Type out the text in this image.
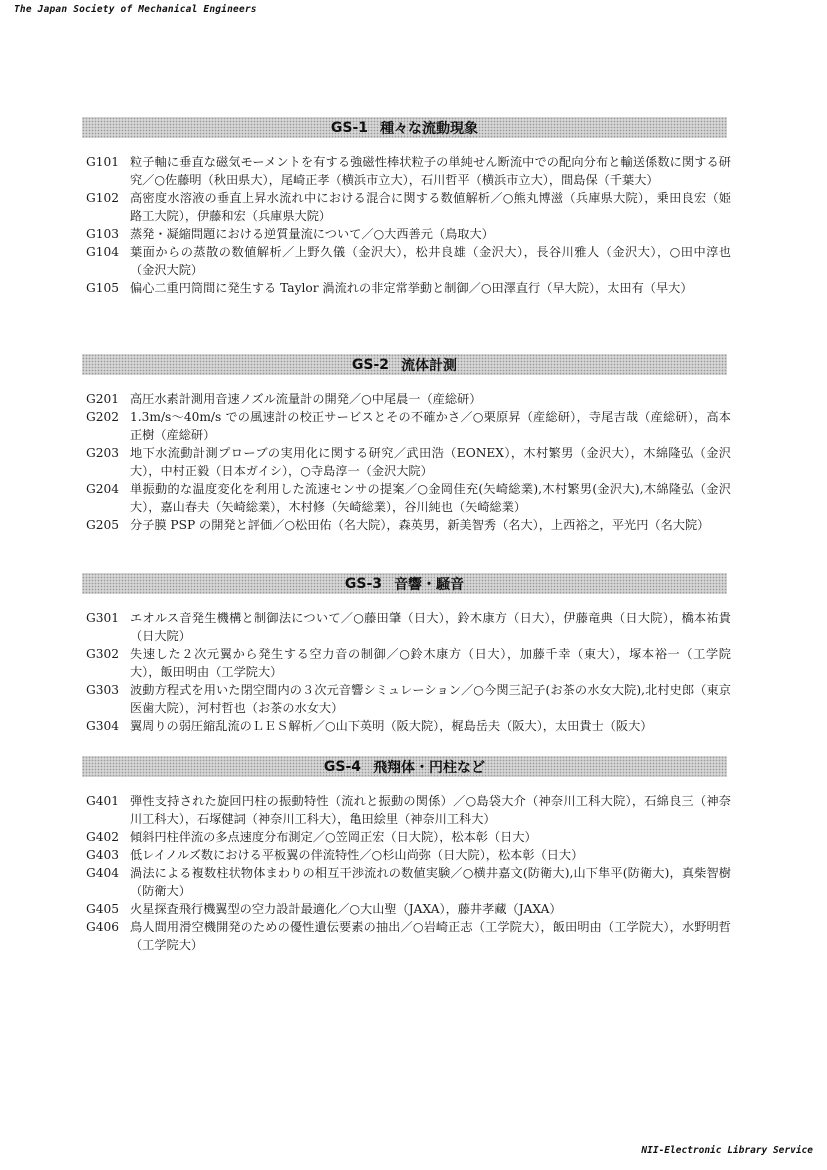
The Japan Society of Mechanical Engineers
GS-1 種々な流動現象
G101 粒子軸に垂直な磁気モーメントを有する強磁性棒状粒子の単純せん断流中での配向分布と輸送係数に関する研究／○佐藤明（秋田県大），尾崎正孝（横浜市立大），石川哲平（横浜市立大），間島保（千葉大）
G102 高密度水溶液の垂直上昇水流れ中における混合に関する数値解析／○熊丸博滋（兵庫県大院），乗田良宏（姫路工大院），伊藤和宏（兵庫県大院）
G103 蒸発・凝縮問題における逆質量流について／○大西善元（鳥取大）
G104 葉面からの蒸散の数値解析／上野久儀（金沢大），松井良雄（金沢大），長谷川雅人（金沢大），○田中淳也（金沢大院）
G105 偏心二重円筒間に発生する Taylor 渦流れの非定常挙動と制御／○田澤直行（早大院），太田有（早大）
GS-2 流体計測
G201 高圧水素計測用音速ノズル流量計の開発／○中尾晨一（産総研）
G202 1.3m/s～40m/s での風速計の校正サービスとその不確かさ／○栗原昇（産総研），寺尾吉哉（産総研），高本正樹（産総研）
G203 地下水流動計測プローブの実用化に関する研究／武田浩（EONEX），木村繁男（金沢大），木綿隆弘（金沢大），中村正毅（日本ガイシ），○寺島淳一（金沢大院）
G204 単振動的な温度変化を利用した流速センサの提案／○金岡佳充(矢崎総業),木村繁男(金沢大),木綿隆弘（金沢大），嘉山春夫（矢崎総業），木村修（矢崎総業），谷川純也（矢崎総業）
G205 分子膜 PSP の開発と評価／○松田佑（名大院），森英男，新美智秀（名大），上西裕之，平光円（名大院）
GS-3 音響・騒音
G301 エオルス音発生機構と制御法について／○藤田肇（日大），鈴木康方（日大），伊藤竜典（日大院），橋本祐貴（日大院）
G302 失速した２次元翼から発生する空力音の制御／○鈴木康方（日大），加藤千幸（東大），塚本裕一（工学院大），飯田明由（工学院大）
G303 波動方程式を用いた閉空間内の３次元音響シミュレーション／○今関三記子(お茶の水女大院),北村史郎（東京医歯大院），河村哲也（お茶の水女大）
G304 翼周りの弱圧縮乱流のＬＥＳ解析／○山下英明（阪大院），梶島岳夫（阪大），太田貴士（阪大）
GS-4 飛翔体・円柱など
G401 弾性支持された旋回円柱の振動特性（流れと振動の関係）／○島袋大介（神奈川工科大院），石綿良三（神奈川工科大），石塚健詞（神奈川工科大），亀田絵里（神奈川工科大）
G402 傾斜円柱伴流の多点速度分布測定／○笠岡正宏（日大院），松本彰（日大）
G403 低レイノルズ数における平板翼の伴流特性／○杉山尚弥（日大院），松本彰（日大）
G404 渦法による複数柱状物体まわりの相互干渉流れの数値実験／○横井嘉文(防衛大),山下隼平(防衛大)，真柴智樹（防衛大）
G405 火星探査飛行機翼型の空力設計最適化／○大山聖（JAXA），藤井孝藏（JAXA）
G406 鳥人間用滑空機開発のための優性遺伝要素の抽出／○岩崎正志（工学院大），飯田明由（工学院大），水野明哲（工学院大）
NII-Electronic Library Service
